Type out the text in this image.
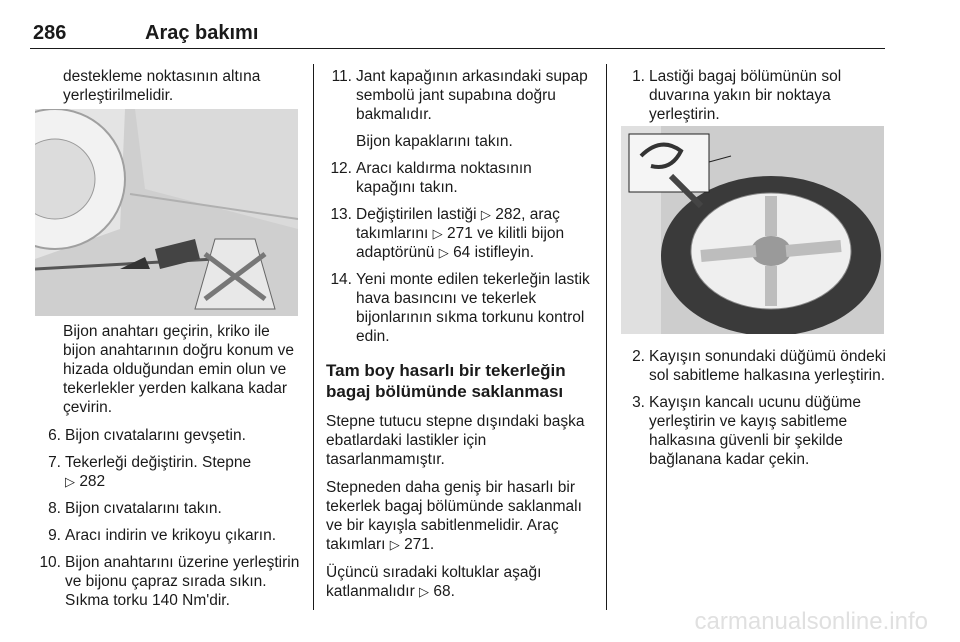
286	Araç bakımı

destekleme noktasının altına yerleştirilmelidir.

Bijon anahtarı geçirin, kriko ile bijon anahtarının doğru konum ve hizada olduğundan emin olun ve tekerlekler yerden kalkana kadar çevirin.

6. Bijon cıvatalarını gevşetin.
7. Tekerleği değiştirin. Stepne
▷ 282
8. Bijon cıvatalarını takın.
9. Aracı indirin ve krikoyu çıkarın.
10. Bijon anahtarını üzerine yerleştirin ve bijonu çapraz sırada sıkın. Sıkma torku 140 Nm'dir.
11. Jant kapağının arkasındaki supap sembolü jant supabına doğru bakmalıdır.
Bijon kapaklarını takın.
12. Aracı kaldırma noktasının kapağını takın.
13. Değiştirilen lastiği ▷ 282, araç takımlarını ▷ 271 ve kilitli bijon adaptörünü ▷ 64 istifleyin.
14. Yeni monte edilen tekerleğin lastik hava basıncını ve tekerlek bijonlarının sıkma torkunu kontrol edin.
Tam boy hasarlı bir tekerleğin bagaj bölümünde saklanması

Stepne tutucu stepne dışındaki başka ebatlardaki lastikler için tasarlanmamıştır.

Stepneden daha geniş bir hasarlı bir tekerlek bagaj bölümünde saklanmalı ve bir kayışla sabitlenmelidir. Araç takımları ▷ 271.

Üçüncü sıradaki koltuklar aşağı katlanmalıdır ▷ 68.

1. Lastiği bagaj bölümünün sol duvarına yakın bir noktaya yerleştirin.
2. Kayışın sonundaki düğümü öndeki sol sabitleme halkasına yerleştirin.
3. Kayışın kancalı ucunu düğüme yerleştirin ve kayış sabitleme halkasına güvenli bir şekilde bağlanana kadar çekin.
carmanualsonline.info
